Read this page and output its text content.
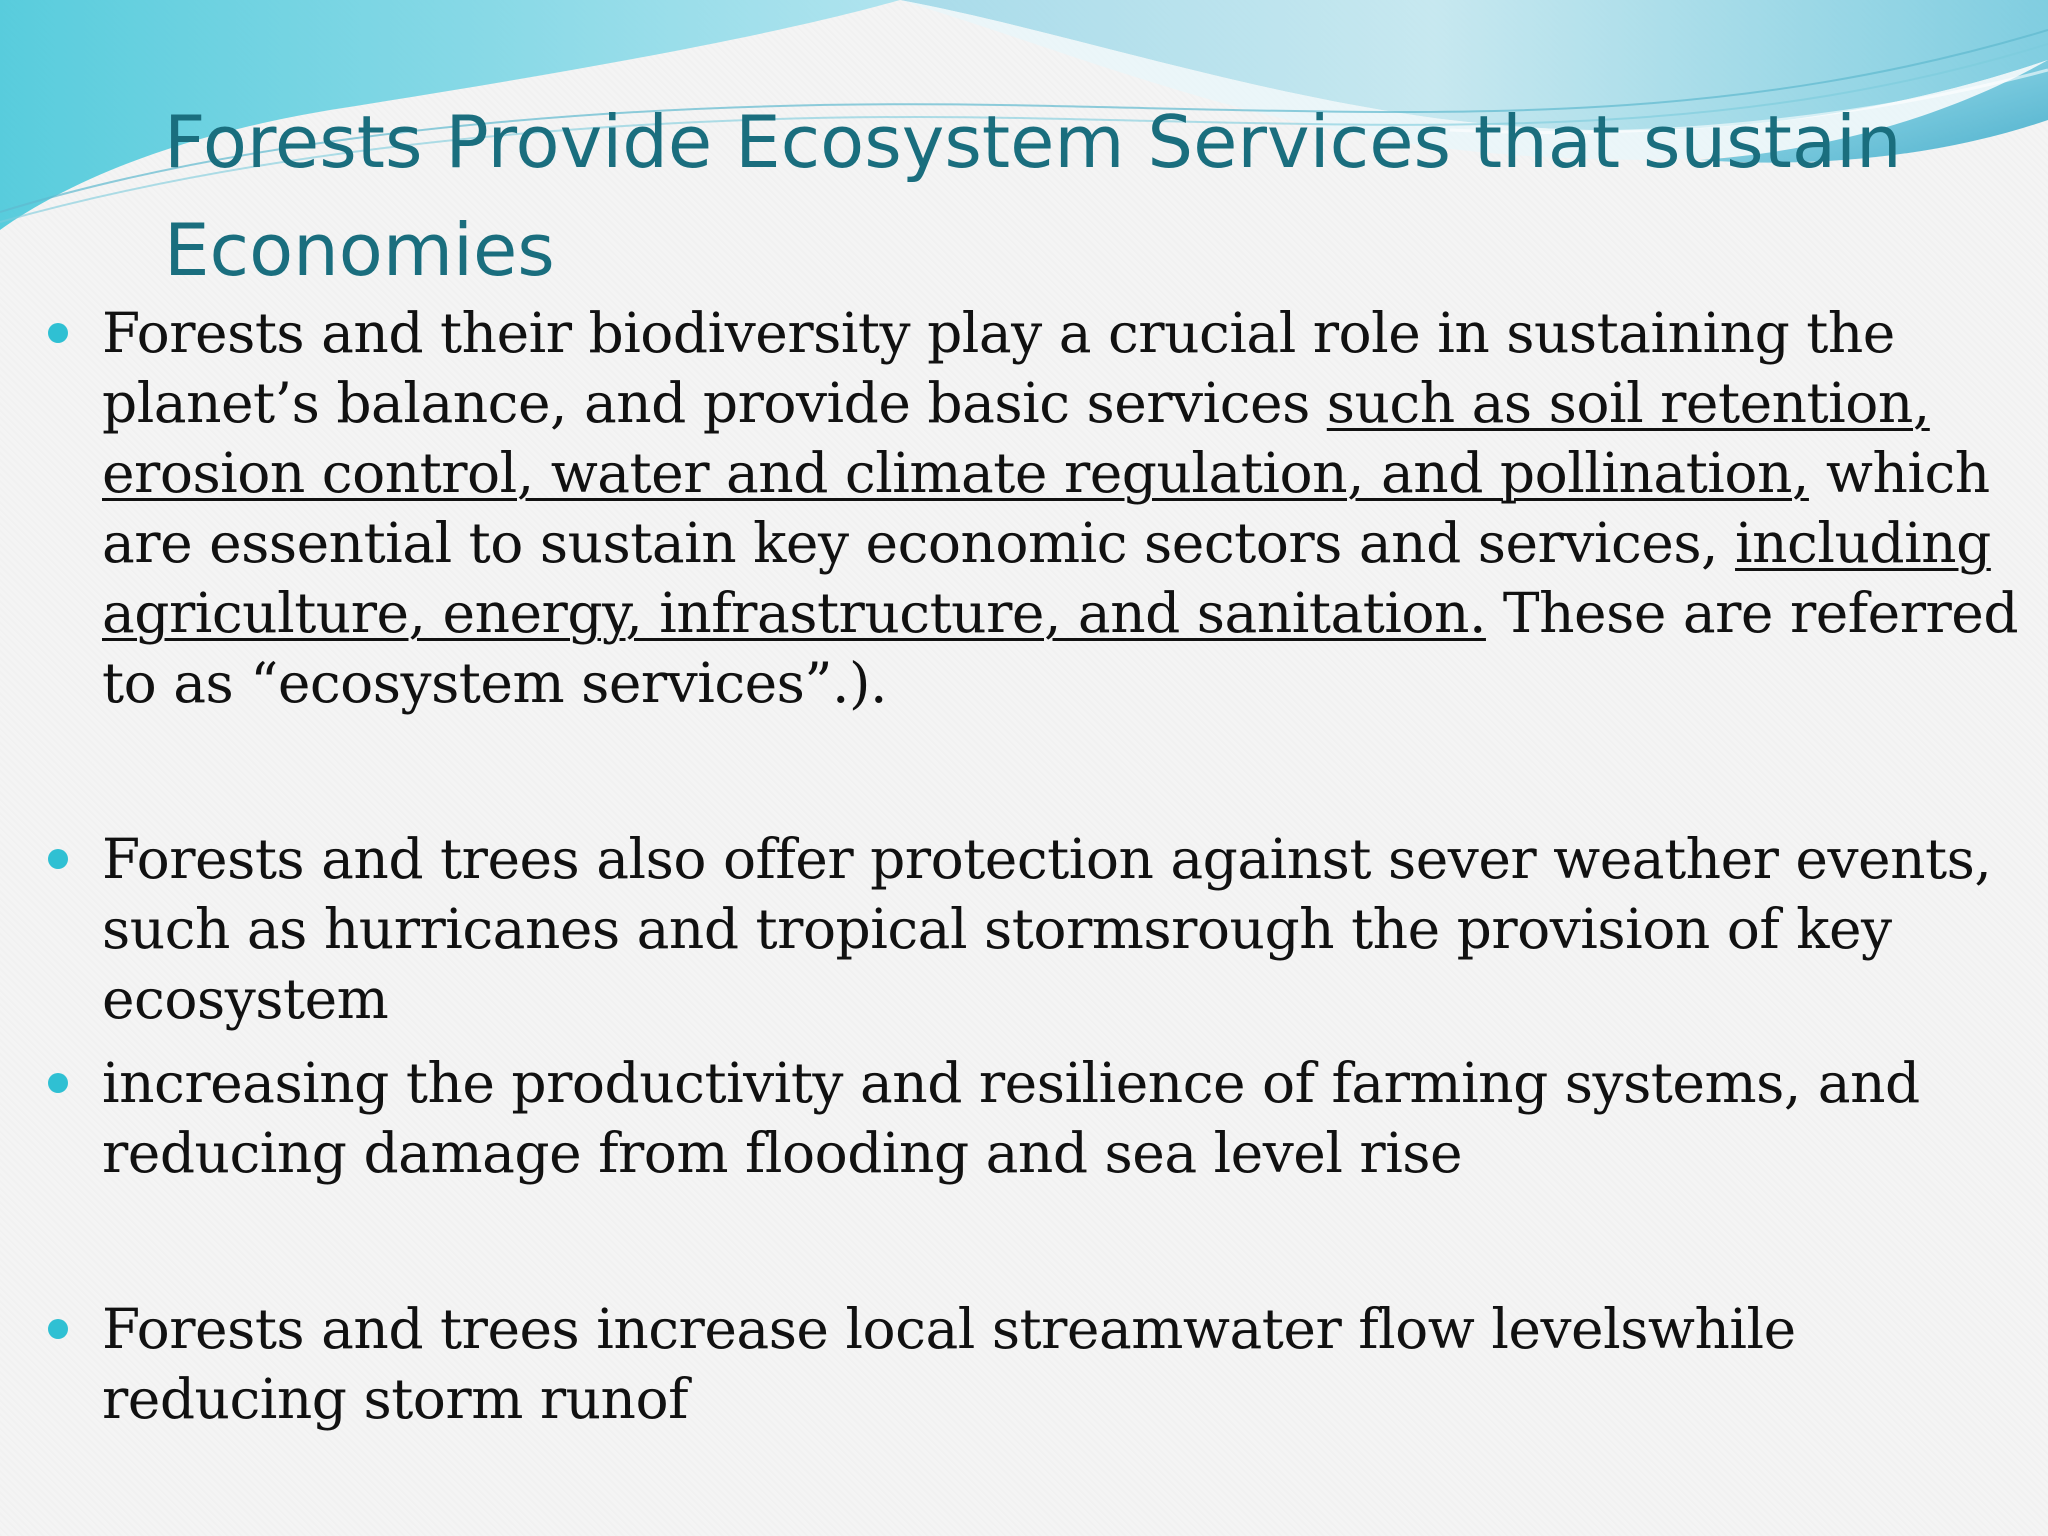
Forests Provide Ecosystem Services that sustain Economies
Forests and their biodiversity play a crucial role in sustaining the planet’s balance, and provide basic services such as soil retention, erosion control, water and climate regulation, and pollination, which are essential to sustain key economic sectors and services, including agriculture, energy, infrastructure, and sanitation. These are referred to as “ecosystem services”.).
Forests and trees also offer protection against sever weather events, such as hurricanes and tropical stormsrough the provision of key ecosystem
increasing the productivity and resilience of farming systems, and reducing damage from flooding and sea level rise
Forests and trees increase local streamwater flow levelswhile reducing storm runof
